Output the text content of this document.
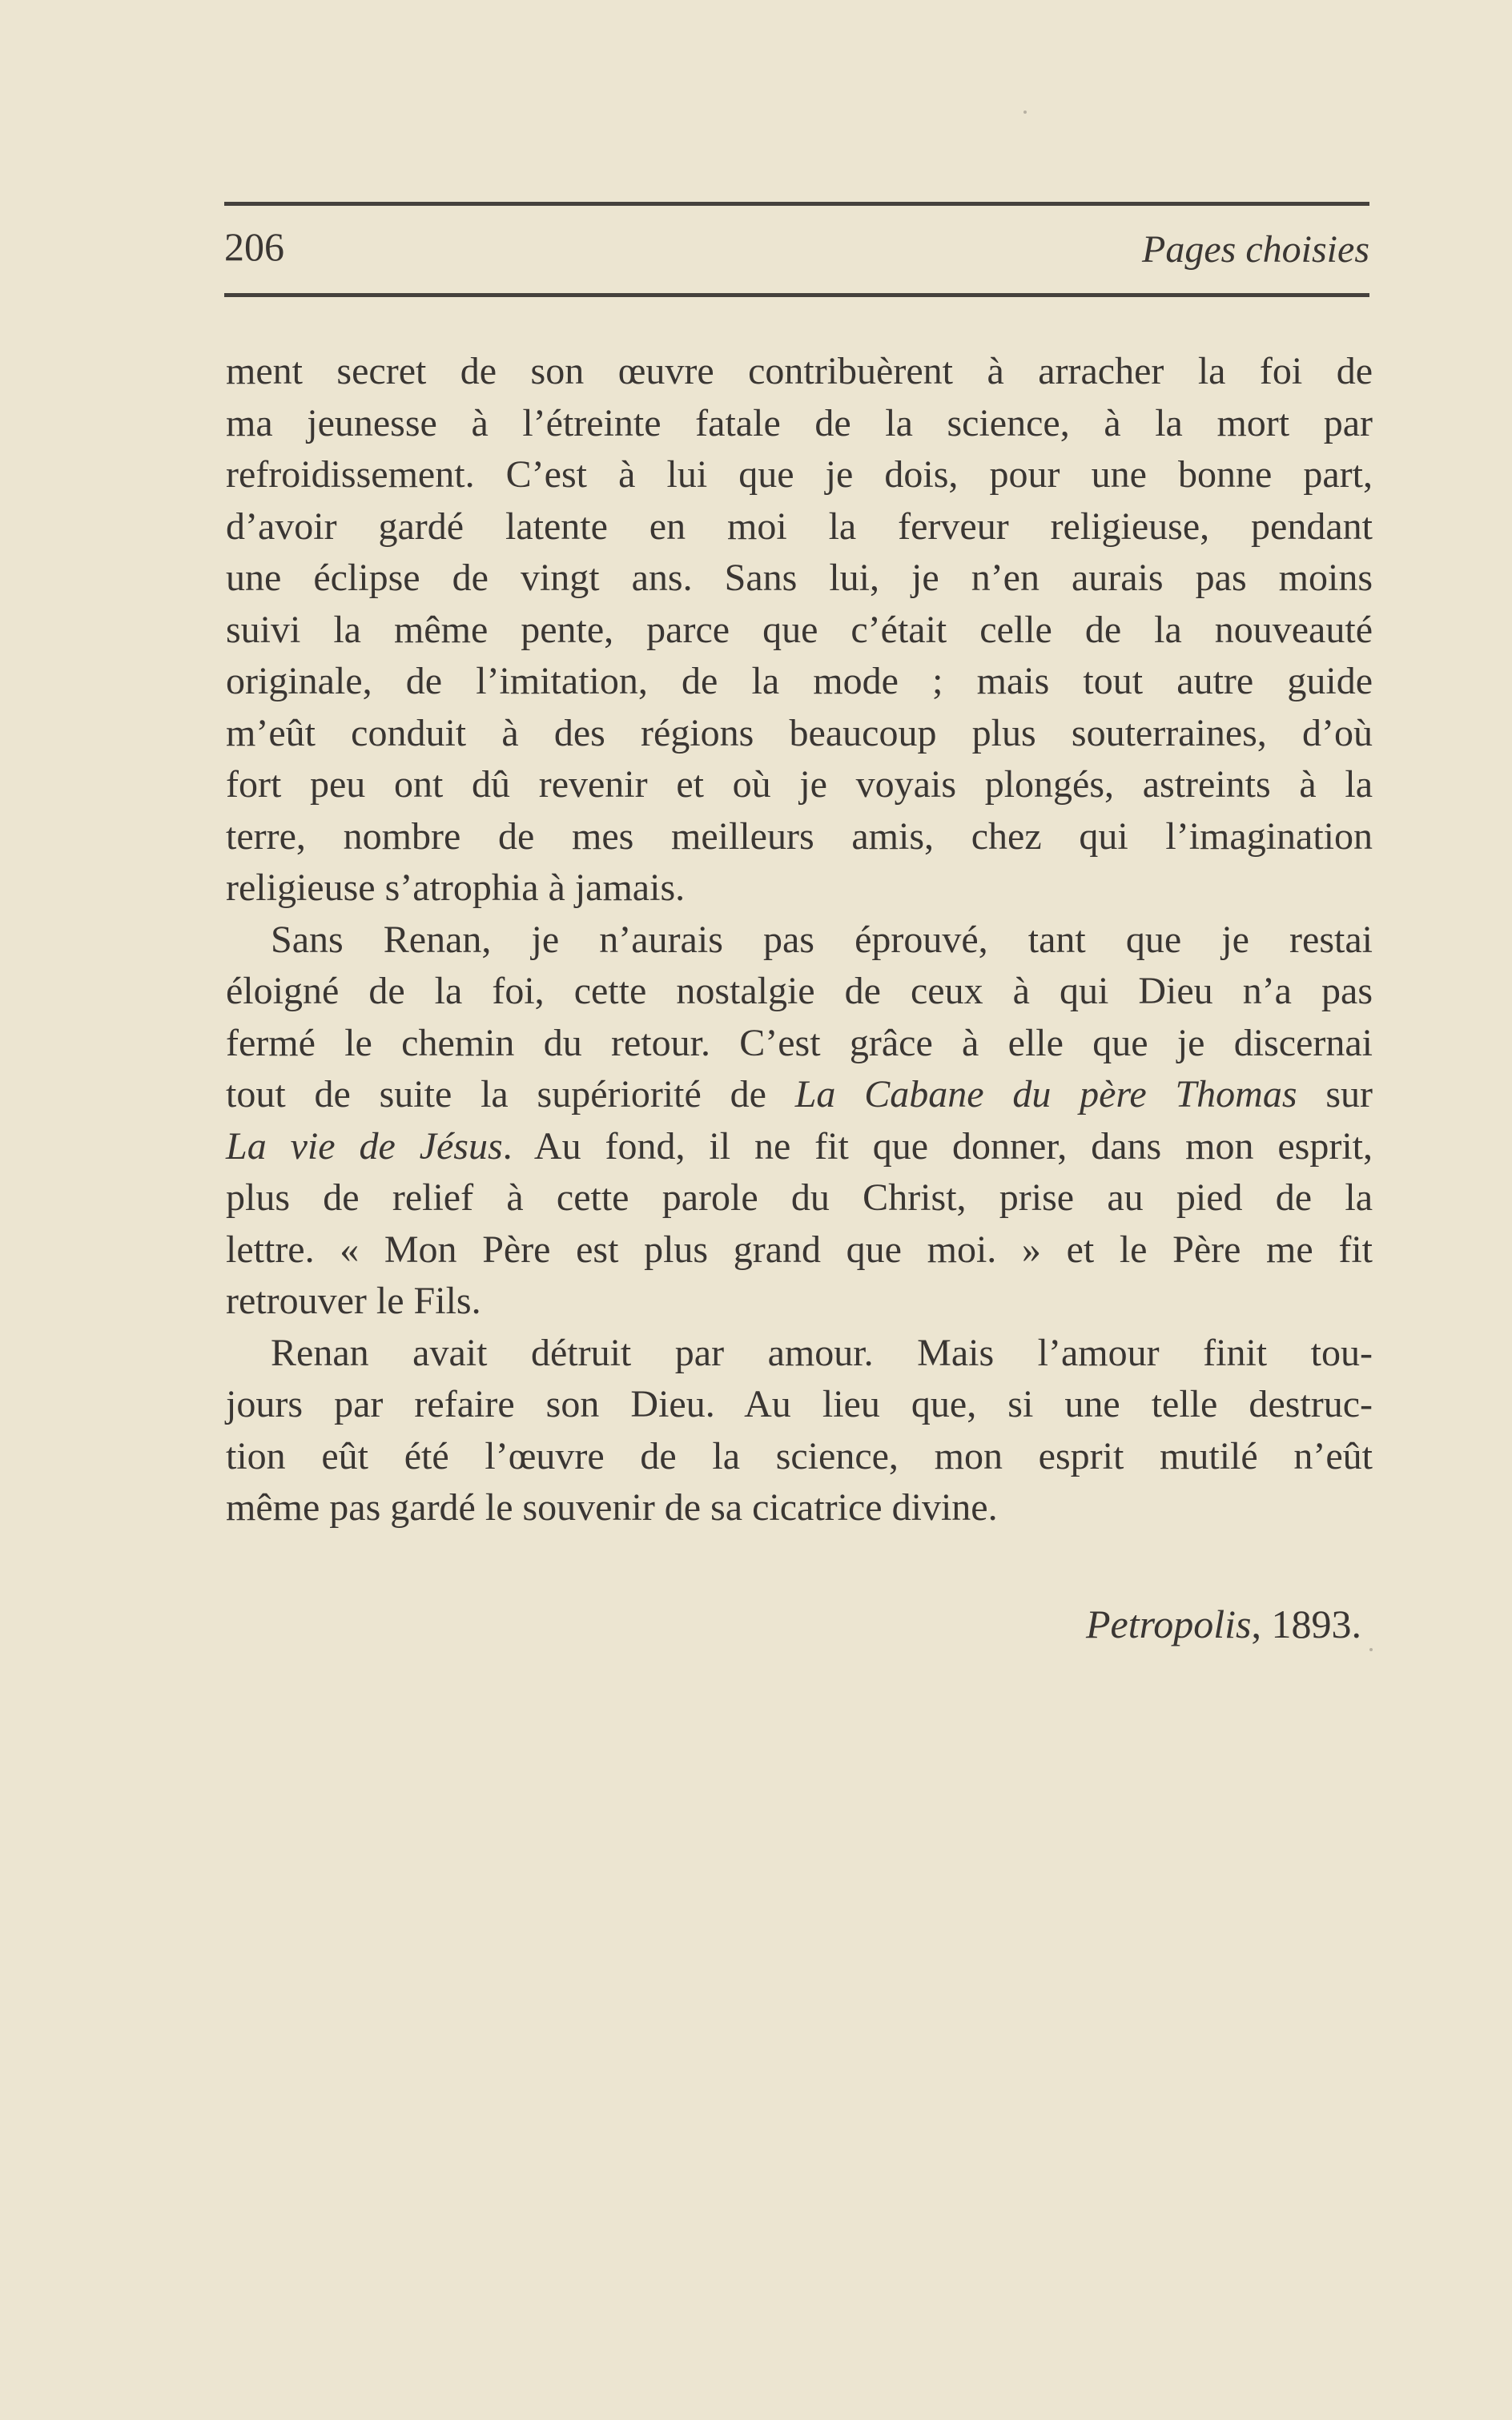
206	Pages choisies
ment secret de son œuvre contribuèrent à arracher la foi de
ma jeunesse à l’étreinte fatale de la science, à la mort par
refroidissement. C’est à lui que je dois, pour une bonne part,
d’avoir gardé latente en moi la ferveur religieuse, pendant
une éclipse de vingt ans. Sans lui, je n’en aurais pas moins
suivi la même pente, parce que c’était celle de la nouveauté
originale, de l’imitation, de la mode ; mais tout autre guide
m’eût conduit à des régions beaucoup plus souterraines, d’où
fort peu ont dû revenir et où je voyais plongés, astreints à la
terre, nombre de mes meilleurs amis, chez qui l’imagination
religieuse s’atrophia à jamais.
Sans Renan, je n’aurais pas éprouvé, tant que je restai
éloigné de la foi, cette nostalgie de ceux à qui Dieu n’a pas
fermé le chemin du retour. C’est grâce à elle que je discernai
tout de suite la supériorité de La Cabane du père Thomas sur
La vie de Jésus. Au fond, il ne fit que donner, dans mon esprit,
plus de relief à cette parole du Christ, prise au pied de la
lettre. « Mon Père est plus grand que moi. » et le Père me fit
retrouver le Fils.
Renan avait détruit par amour. Mais l’amour finit tou-
jours par refaire son Dieu. Au lieu que, si une telle destruc-
tion eût été l’œuvre de la science, mon esprit mutilé n’eût
même pas gardé le souvenir de sa cicatrice divine.
Petropolis, 1893.
